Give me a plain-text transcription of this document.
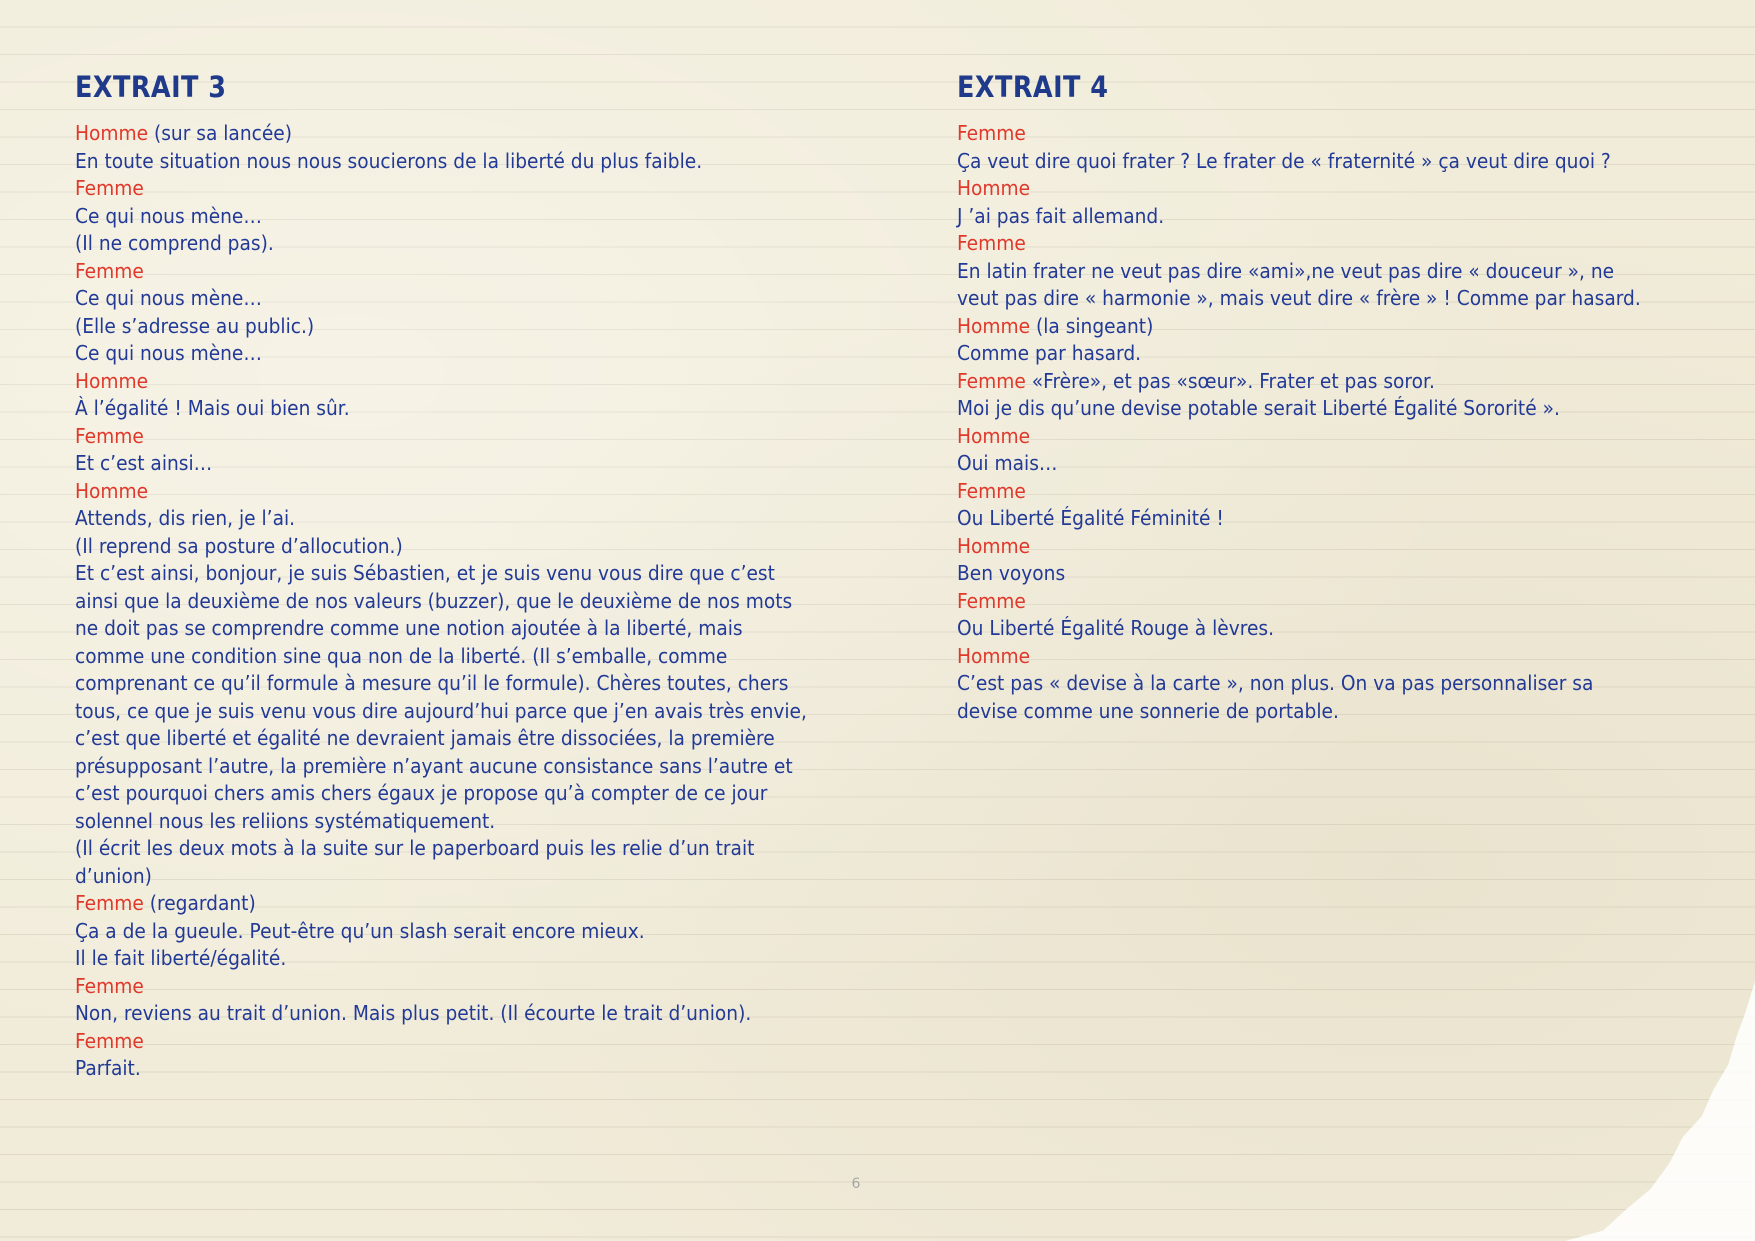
EXTRAIT 3
Homme (sur sa lancée)
En toute situation nous nous soucierons de la liberté du plus faible.
Femme
Ce qui nous mène…
(Il ne comprend pas).
Femme
Ce qui nous mène…
(Elle s’adresse au public.)
Ce qui nous mène…
Homme
À l’égalité ! Mais oui bien sûr.
Femme
Et c’est ainsi…
Homme
Attends, dis rien, je l’ai.
(Il reprend sa posture d’allocution.)
Et c’est ainsi, bonjour, je suis Sébastien, et je suis venu vous dire que c’est
ainsi que la deuxième de nos valeurs (buzzer), que le deuxième de nos mots
ne doit pas se comprendre comme une notion ajoutée à la liberté, mais
comme une condition sine qua non de la liberté. (Il s’emballe, comme
comprenant ce qu’il formule à mesure qu’il le formule). Chères toutes, chers
tous, ce que je suis venu vous dire aujourd’hui parce que j’en avais très envie,
c’est que liberté et égalité ne devraient jamais être dissociées, la première
présupposant l’autre, la première n’ayant aucune consistance sans l’autre et
c’est pourquoi chers amis chers égaux je propose qu’à compter de ce jour
solennel nous les reliions systématiquement.
(Il écrit les deux mots à la suite sur le paperboard puis les relie d’un trait
d’union)
Femme (regardant)
Ça a de la gueule. Peut-être qu’un slash serait encore mieux.
Il le fait liberté/égalité.
Femme
Non, reviens au trait d’union. Mais plus petit. (Il écourte le trait d’union).
Femme
Parfait.
EXTRAIT 4
Femme
Ça veut dire quoi frater ? Le frater de « fraternité » ça veut dire quoi ?
Homme
J ’ai pas fait allemand.
Femme
En latin frater ne veut pas dire «ami»,ne veut pas dire « douceur », ne
veut pas dire « harmonie », mais veut dire « frère » ! Comme par hasard.
Homme (la singeant)
Comme par hasard.
Femme «Frère», et pas «sœur». Frater et pas soror.
Moi je dis qu’une devise potable serait Liberté Égalité Sororité ».
Homme
Oui mais…
Femme
Ou Liberté Égalité Féminité !
Homme
Ben voyons
Femme
Ou Liberté Égalité Rouge à lèvres.
Homme
C’est pas « devise à la carte », non plus. On va pas personnaliser sa
devise comme une sonnerie de portable.
6
